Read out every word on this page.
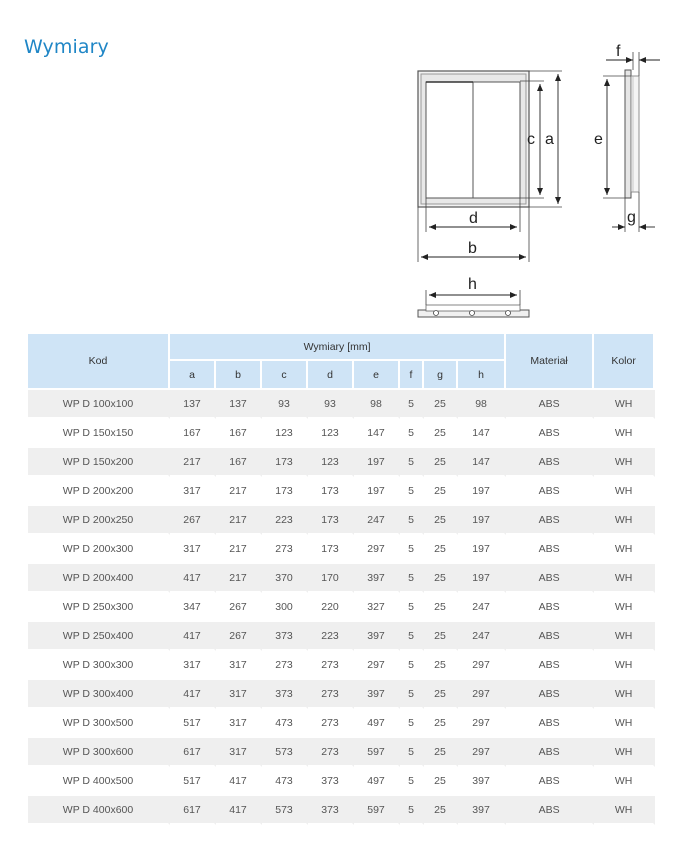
Wymiary
c a
d
b
f
e
g
h
Kod	Wymiary [mm]								Materiał	Kolor
	a	b	c	d	e	f	g	h		
WP D 100x100	137	137	93	93	98	5	25	98	ABS	WH
WP D 150x150	167	167	123	123	147	5	25	147	ABS	WH
WP D 150x200	217	167	173	123	197	5	25	147	ABS	WH
WP D 200x200	317	217	173	173	197	5	25	197	ABS	WH
WP D 200x250	267	217	223	173	247	5	25	197	ABS	WH
WP D 200x300	317	217	273	173	297	5	25	197	ABS	WH
WP D 200x400	417	217	370	170	397	5	25	197	ABS	WH
WP D 250x300	347	267	300	220	327	5	25	247	ABS	WH
WP D 250x400	417	267	373	223	397	5	25	247	ABS	WH
WP D 300x300	317	317	273	273	297	5	25	297	ABS	WH
WP D 300x400	417	317	373	273	397	5	25	297	ABS	WH
WP D 300x500	517	317	473	273	497	5	25	297	ABS	WH
WP D 300x600	617	317	573	273	597	5	25	297	ABS	WH
WP D 400x500	517	417	473	373	497	5	25	397	ABS	WH
WP D 400x600	617	417	573	373	597	5	25	397	ABS	WH
